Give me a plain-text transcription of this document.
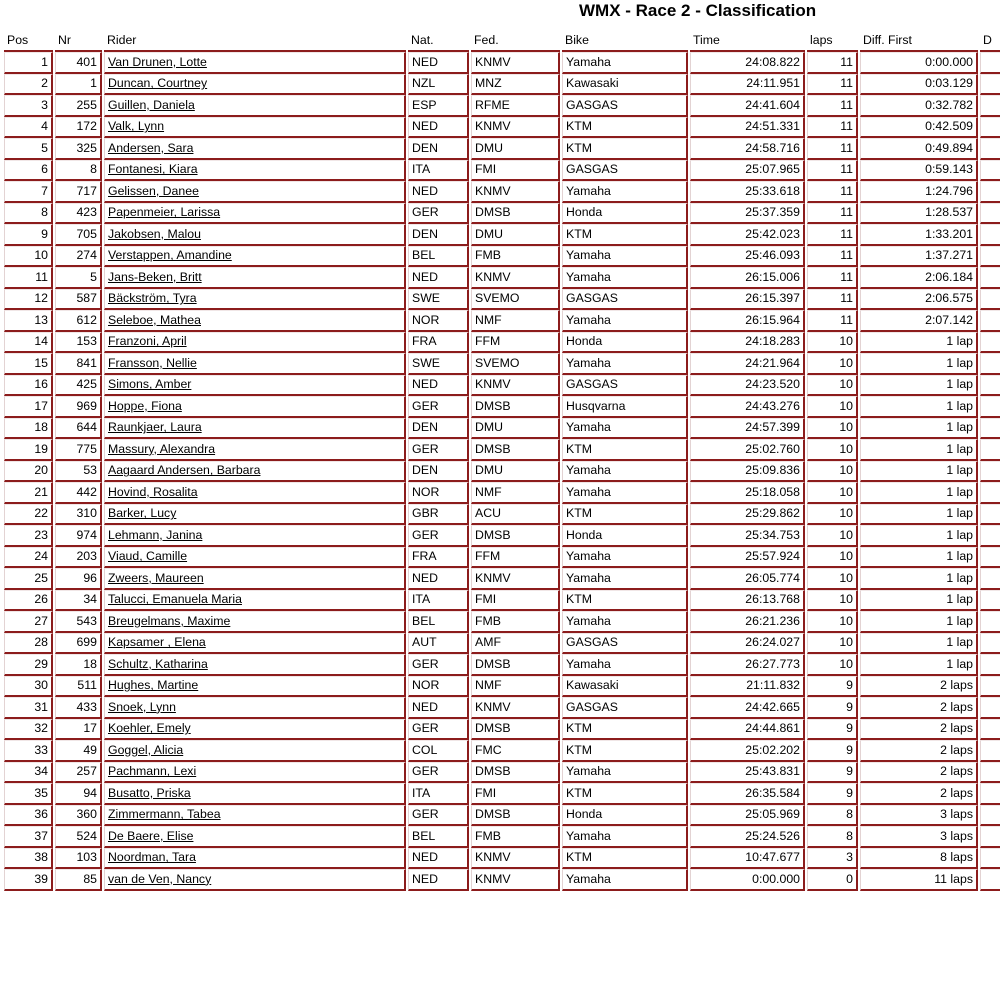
WMX - Race 2 - Classification
Pos	Nr	Rider	Nat.	Fed.	Bike	Time	laps	Diff. First	D
1	401	Van Drunen, Lotte	NED	KNMV	Yamaha	24:08.822	11	0:00.000	
2	1	Duncan, Courtney	NZL	MNZ	Kawasaki	24:11.951	11	0:03.129	
3	255	Guillen, Daniela	ESP	RFME	GASGAS	24:41.604	11	0:32.782	
4	172	Valk, Lynn	NED	KNMV	KTM	24:51.331	11	0:42.509	
5	325	Andersen, Sara	DEN	DMU	KTM	24:58.716	11	0:49.894	
6	8	Fontanesi, Kiara	ITA	FMI	GASGAS	25:07.965	11	0:59.143	
7	717	Gelissen, Danee	NED	KNMV	Yamaha	25:33.618	11	1:24.796	
8	423	Papenmeier, Larissa	GER	DMSB	Honda	25:37.359	11	1:28.537	
9	705	Jakobsen, Malou	DEN	DMU	KTM	25:42.023	11	1:33.201	
10	274	Verstappen, Amandine	BEL	FMB	Yamaha	25:46.093	11	1:37.271	
11	5	Jans-Beken, Britt	NED	KNMV	Yamaha	26:15.006	11	2:06.184	
12	587	Bäckström, Tyra	SWE	SVEMO	GASGAS	26:15.397	11	2:06.575	
13	612	Seleboe, Mathea	NOR	NMF	Yamaha	26:15.964	11	2:07.142	
14	153	Franzoni, April	FRA	FFM	Honda	24:18.283	10	1 lap	
15	841	Fransson, Nellie	SWE	SVEMO	Yamaha	24:21.964	10	1 lap	
16	425	Simons, Amber	NED	KNMV	GASGAS	24:23.520	10	1 lap	
17	969	Hoppe, Fiona	GER	DMSB	Husqvarna	24:43.276	10	1 lap	
18	644	Raunkjaer, Laura	DEN	DMU	Yamaha	24:57.399	10	1 lap	
19	775	Massury, Alexandra	GER	DMSB	KTM	25:02.760	10	1 lap	
20	53	Aagaard Andersen, Barbara	DEN	DMU	Yamaha	25:09.836	10	1 lap	
21	442	Hovind, Rosalita	NOR	NMF	Yamaha	25:18.058	10	1 lap	
22	310	Barker, Lucy	GBR	ACU	KTM	25:29.862	10	1 lap	
23	974	Lehmann, Janina	GER	DMSB	Honda	25:34.753	10	1 lap	
24	203	Viaud, Camille	FRA	FFM	Yamaha	25:57.924	10	1 lap	
25	96	Zweers, Maureen	NED	KNMV	Yamaha	26:05.774	10	1 lap	
26	34	Talucci, Emanuela Maria	ITA	FMI	KTM	26:13.768	10	1 lap	
27	543	Breugelmans, Maxime	BEL	FMB	Yamaha	26:21.236	10	1 lap	
28	699	Kapsamer , Elena	AUT	AMF	GASGAS	26:24.027	10	1 lap	
29	18	Schultz, Katharina	GER	DMSB	Yamaha	26:27.773	10	1 lap	
30	511	Hughes, Martine	NOR	NMF	Kawasaki	21:11.832	9	2 laps	
31	433	Snoek, Lynn	NED	KNMV	GASGAS	24:42.665	9	2 laps	
32	17	Koehler, Emely	GER	DMSB	KTM	24:44.861	9	2 laps	
33	49	Goggel, Alicia	COL	FMC	KTM	25:02.202	9	2 laps	
34	257	Pachmann, Lexi	GER	DMSB	Yamaha	25:43.831	9	2 laps	
35	94	Busatto, Priska	ITA	FMI	KTM	26:35.584	9	2 laps	
36	360	Zimmermann, Tabea	GER	DMSB	Honda	25:05.969	8	3 laps	
37	524	De Baere, Elise	BEL	FMB	Yamaha	25:24.526	8	3 laps	
38	103	Noordman, Tara	NED	KNMV	KTM	10:47.677	3	8 laps	
39	85	van de Ven, Nancy	NED	KNMV	Yamaha	0:00.000	0	11 laps	
